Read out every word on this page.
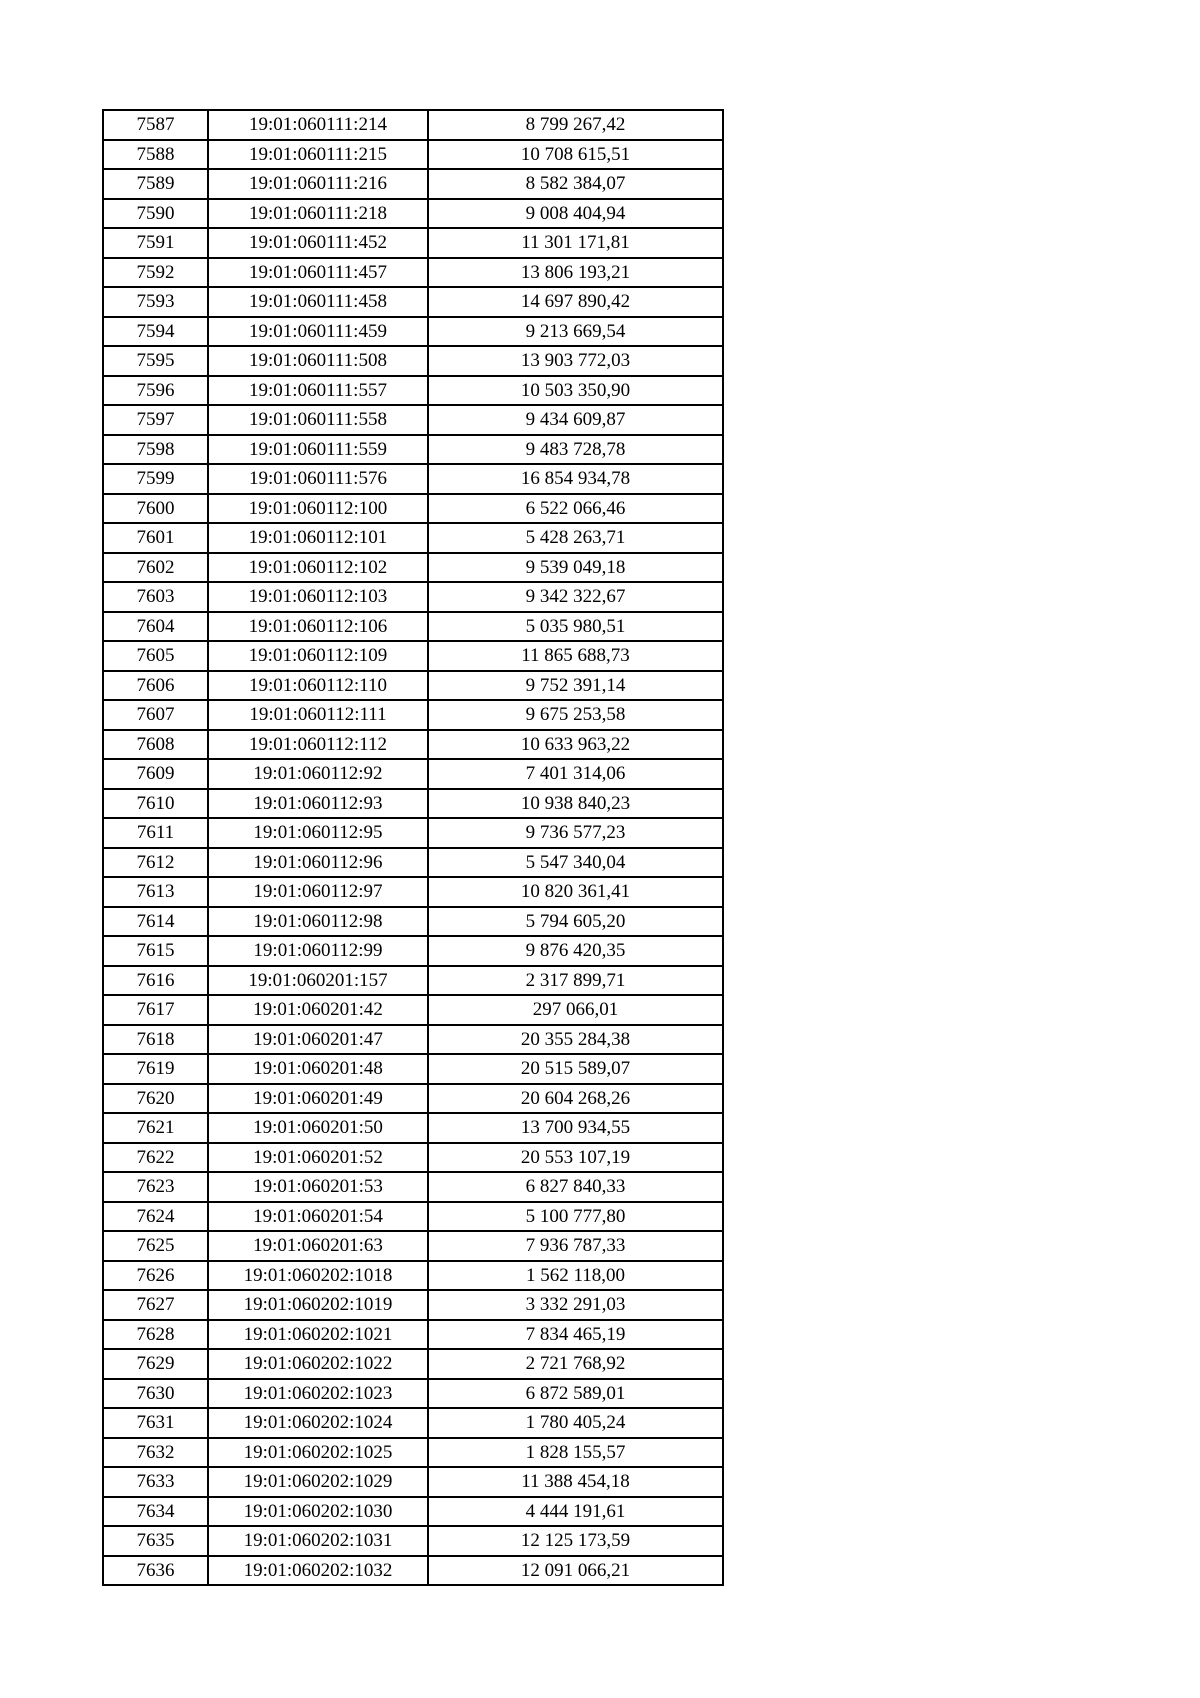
7587	19:01:060111:214	8 799 267,42
7588	19:01:060111:215	10 708 615,51
7589	19:01:060111:216	8 582 384,07
7590	19:01:060111:218	9 008 404,94
7591	19:01:060111:452	11 301 171,81
7592	19:01:060111:457	13 806 193,21
7593	19:01:060111:458	14 697 890,42
7594	19:01:060111:459	9 213 669,54
7595	19:01:060111:508	13 903 772,03
7596	19:01:060111:557	10 503 350,90
7597	19:01:060111:558	9 434 609,87
7598	19:01:060111:559	9 483 728,78
7599	19:01:060111:576	16 854 934,78
7600	19:01:060112:100	6 522 066,46
7601	19:01:060112:101	5 428 263,71
7602	19:01:060112:102	9 539 049,18
7603	19:01:060112:103	9 342 322,67
7604	19:01:060112:106	5 035 980,51
7605	19:01:060112:109	11 865 688,73
7606	19:01:060112:110	9 752 391,14
7607	19:01:060112:111	9 675 253,58
7608	19:01:060112:112	10 633 963,22
7609	19:01:060112:92	7 401 314,06
7610	19:01:060112:93	10 938 840,23
7611	19:01:060112:95	9 736 577,23
7612	19:01:060112:96	5 547 340,04
7613	19:01:060112:97	10 820 361,41
7614	19:01:060112:98	5 794 605,20
7615	19:01:060112:99	9 876 420,35
7616	19:01:060201:157	2 317 899,71
7617	19:01:060201:42	297 066,01
7618	19:01:060201:47	20 355 284,38
7619	19:01:060201:48	20 515 589,07
7620	19:01:060201:49	20 604 268,26
7621	19:01:060201:50	13 700 934,55
7622	19:01:060201:52	20 553 107,19
7623	19:01:060201:53	6 827 840,33
7624	19:01:060201:54	5 100 777,80
7625	19:01:060201:63	7 936 787,33
7626	19:01:060202:1018	1 562 118,00
7627	19:01:060202:1019	3 332 291,03
7628	19:01:060202:1021	7 834 465,19
7629	19:01:060202:1022	2 721 768,92
7630	19:01:060202:1023	6 872 589,01
7631	19:01:060202:1024	1 780 405,24
7632	19:01:060202:1025	1 828 155,57
7633	19:01:060202:1029	11 388 454,18
7634	19:01:060202:1030	4 444 191,61
7635	19:01:060202:1031	12 125 173,59
7636	19:01:060202:1032	12 091 066,21
